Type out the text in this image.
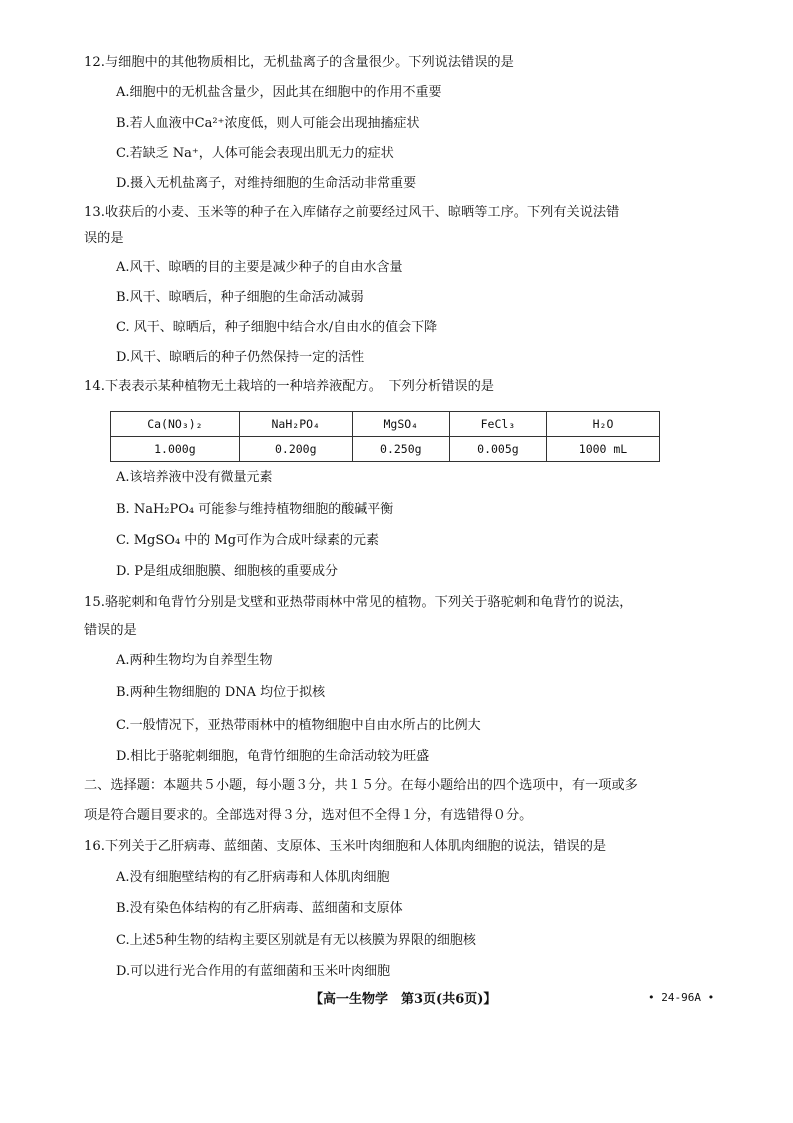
12.与细胞中的其他物质相比，无机盐离子的含量很少。下列说法错误的是
A.细胞中的无机盐含量少，因此其在细胞中的作用不重要
B.若人血液中Ca²⁺浓度低，则人可能会出现抽搐症状
C.若缺乏 Na⁺，人体可能会表现出肌无力的症状
D.摄入无机盐离子，对维持细胞的生命活动非常重要
13.收获后的小麦、玉米等的种子在入库储存之前要经过风干、晾晒等工序。下列有关说法错
误的是
A.风干、晾晒的目的主要是减少种子的自由水含量
B.风干、晾晒后，种子细胞的生命活动减弱
C. 风干、晾晒后，种子细胞中结合水/自由水的值会下降
D.风干、晾晒后的种子仍然保持一定的活性
14.下表表示某种植物无土栽培的一种培养液配方。　下列分析错误的是
Ca(NO₃)₂	NaH₂PO₄	MgSO₄	FeCl₃	H₂O
1.000g	0.200g	0.250g	0.005g	1000 mL
A.该培养液中没有微量元素
B. NaH₂PO₄ 可能参与维持植物细胞的酸碱平衡
C. MgSO₄ 中的 Mg可作为合成叶绿素的元素
D. P是组成细胞膜、细胞核的重要成分
15.骆驼刺和龟背竹分别是戈壁和亚热带雨林中常见的植物。下列关于骆驼刺和龟背竹的说法，
错误的是
A.两种生物均为自养型生物
B.两种生物细胞的 DNA 均位于拟核
C.一般情况下，亚热带雨林中的植物细胞中自由水所占的比例大
D.相比于骆驼刺细胞，龟背竹细胞的生命活动较为旺盛
二、选择题：本题共５小题，每小题３分，共１５分。在每小题给出的四个选项中，有一项或多
项是符合题目要求的。全部选对得３分，选对但不全得１分，有选错得０分。
16.下列关于乙肝病毒、蓝细菌、支原体、玉米叶肉细胞和人体肌肉细胞的说法，错误的是
A.没有细胞壁结构的有乙肝病毒和人体肌肉细胞
B.没有染色体结构的有乙肝病毒、蓝细菌和支原体
C.上述5种生物的结构主要区别就是有无以核膜为界限的细胞核
D.可以进行光合作用的有蓝细菌和玉米叶肉细胞
【高一生物学　第3页(共6页)】	• 24-96A •
